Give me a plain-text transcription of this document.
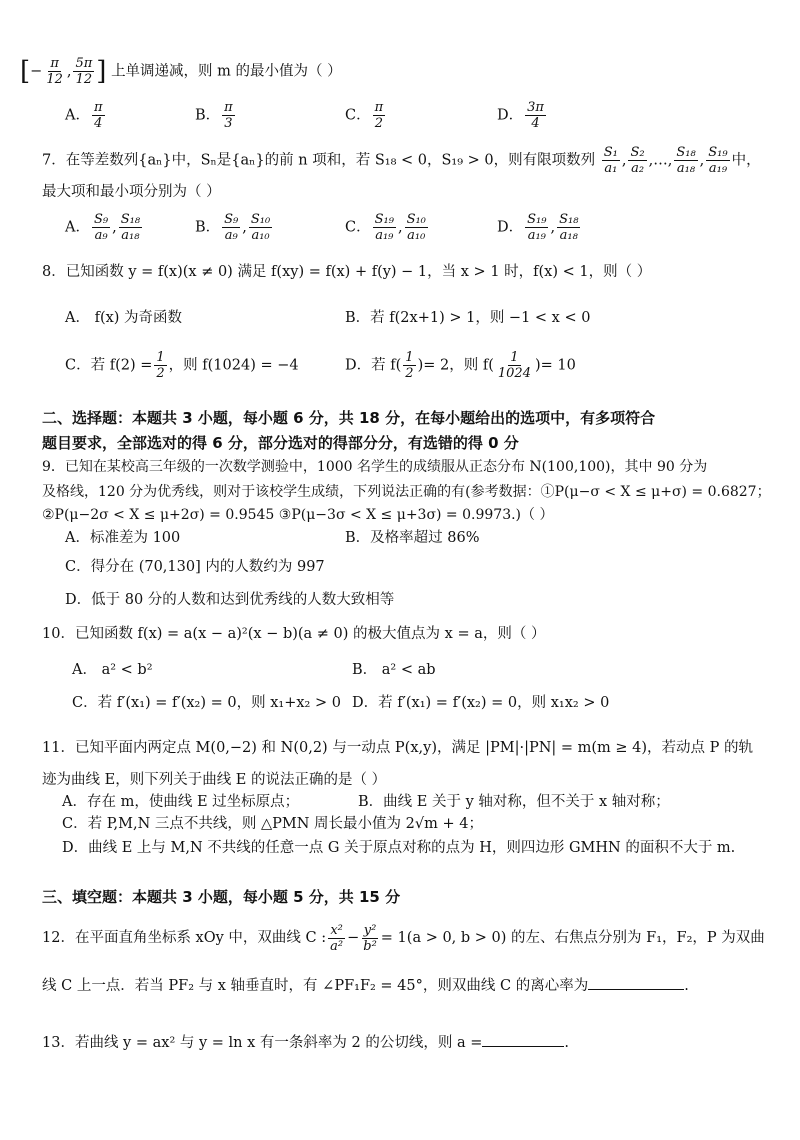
[− $\frac{\pi}{12}$ , $\frac{5\pi}{12}$ ] 上单调递减，则 m 的最小值为（ ）
A． $\frac{\pi}{4}$	B． $\frac{\pi}{3}$	C． $\frac{\pi}{2}$	D． $\frac{3\pi}{4}$
7．在等差数列{aₙ}中，Sₙ是{aₙ}的前 n 项和，若 S₁₈ < 0，S₁₉ > 0，则有限项数列 $\frac{\text{S₁}}{\text{a₁}}$ , $\frac{\text{S₂}}{\text{a₂}}$ ,…, $\frac{\text{S₁₈}}{\text{a₁₈}}$ , $\frac{\text{S₁₉}}{\text{a₁₉}}$ 中，
最大项和最小项分别为（ ）
A． $\frac{\text{S₉}}{\text{a₉}}$ , $\frac{\text{S₁₈}}{\text{a₁₈}}$	B． $\frac{\text{S₉}}{\text{a₉}}$ , $\frac{\text{S₁₀}}{\text{a₁₀}}$	C． $\frac{\text{S₁₉}}{\text{a₁₉}}$ , $\frac{\text{S₁₀}}{\text{a₁₀}}$	D． $\frac{\text{S₁₉}}{\text{a₁₉}}$ , $\frac{\text{S₁₈}}{\text{a₁₈}}$
8．已知函数 y = f(x)(x ≠ 0) 满足 f(xy) = f(x) + f(y) − 1，当 x > 1 时，f(x) < 1，则（ ）
A． f(x) 为奇函数	B．若 f(2x+1) > 1，则 −1 < x < 0
C．若 $f(2) = \frac{1}{2}$ ，则 f(1024) = −4	D．若 $f( \frac{1}{2}$ )= 2，则 $f( \frac{1}{1024}$ )= 10
二、选择题：本题共 3 小题，每小题 6 分，共 18 分，在每小题给出的选项中，有多项符合
题目要求，全部选对的得 6 分，部分选对的得部分分，有选错的得 0 分
9．已知在某校高三年级的一次数学测验中，1000 名学生的成绩服从正态分布 N(100,100)，其中 90 分为
及格线，120 分为优秀线，则对于该校学生成绩，下列说法正确的有(参考数据：①P(μ−σ < X ≤ μ+σ) = 0.6827；
②P(μ−2σ < X ≤ μ+2σ) = 0.9545 ③P(μ−3σ < X ≤ μ+3σ) = 0.9973.)（ ）
A．标准差为 100	B．及格率超过 86%
C．得分在 (70,130] 内的人数约为 997
D．低于 80 分的人数和达到优秀线的人数大致相等
10．已知函数 f(x) = a(x − a)²(x − b)(a ≠ 0) 的极大值点为 x = a，则（ ）
A． a² < b²	B． a² < ab
C．若 f′(x₁) = f′(x₂) = 0，则 x₁+x₂ > 0 D．若 f′(x₁) = f′(x₂) = 0，则 x₁x₂ > 0
11．已知平面内两定点 M(0,−2) 和 N(0,2) 与一动点 P(x,y)，满足 |PM|·|PN| = m(m ≥ 4)，若动点 P 的轨
迹为曲线 E，则下列关于曲线 E 的说法正确的是（ ）
A．存在 m，使曲线 E 过坐标原点；	B．曲线 E 关于 y 轴对称，但不关于 x 轴对称；
C．若 P,M,N 三点不共线，则 △PMN 周长最小值为 2√m + 4；
D．曲线 E 上与 M,N 不共线的任意一点 G 关于原点对称的点为 H，则四边形 GMHN 的面积不大于 m.
三、填空题：本题共 3 小题，每小题 5 分，共 15 分
12．在平面直角坐标系 xOy 中，双曲线 C : $\frac{\text{x²}}{\text{a²}} - \frac{\text{y²}}{\text{b²}} = 1(a > 0$, b > 0) 的左、右焦点分别为 F₁，F₂，P 为双曲
线 C 上一点．若当 PF₂ 与 x 轴垂直时，有 ∠PF₁F₂ = 45°，则双曲线 C 的离心率为	.
13．若曲线 y = ax² 与 y = ln x 有一条斜率为 2 的公切线，则 a =	.
